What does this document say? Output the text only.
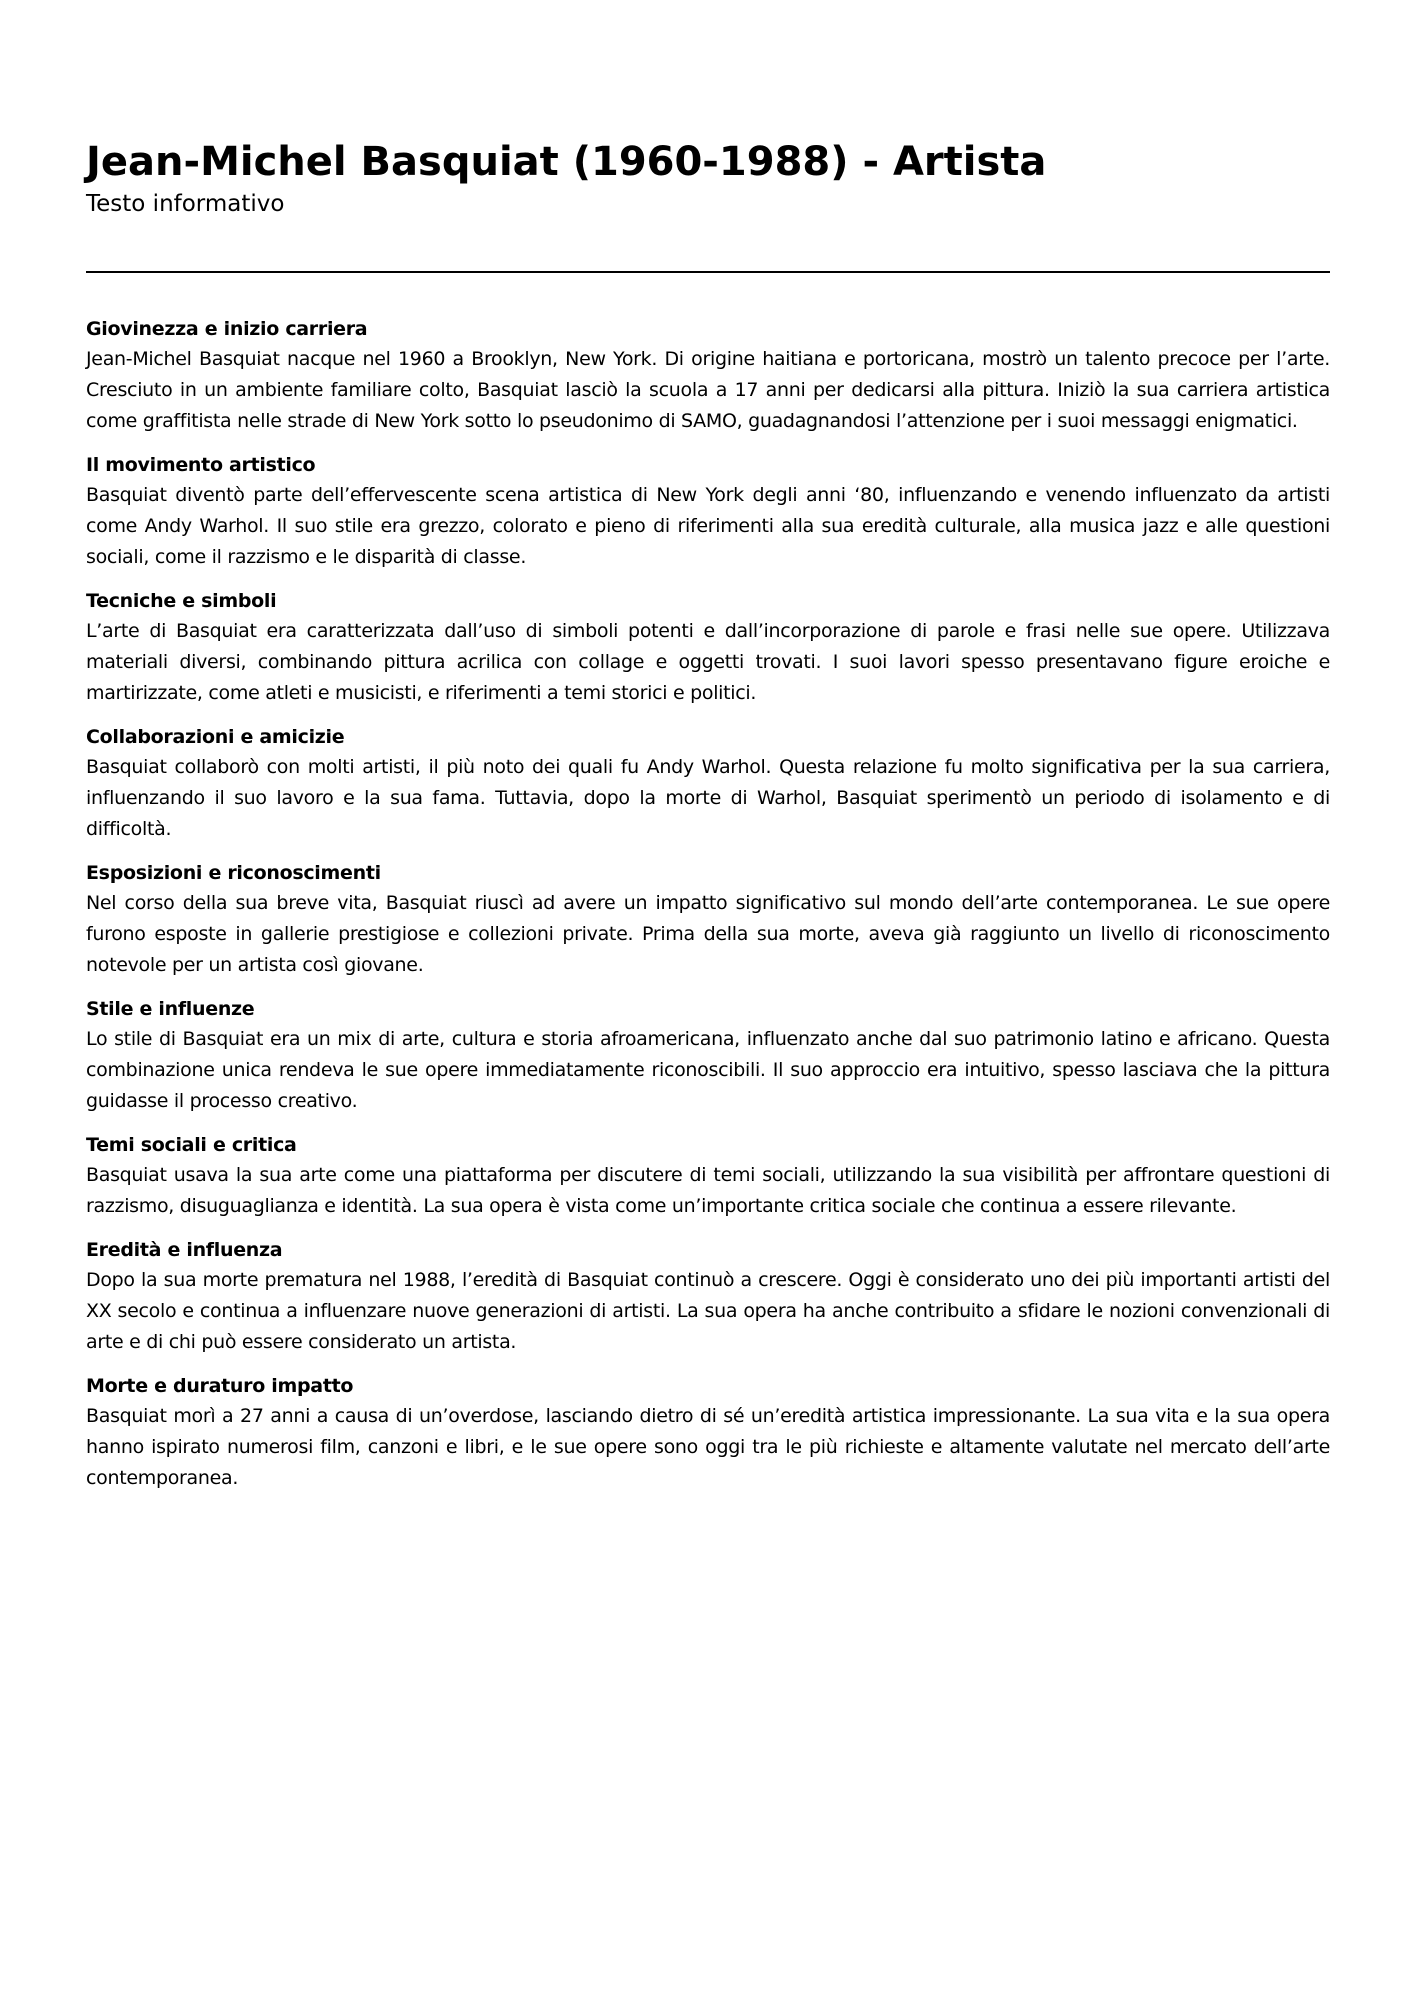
Jean-Michel Basquiat (1960-1988) - Artista
Testo informativo
Giovinezza e inizio carriera

Jean-Michel Basquiat nacque nel 1960 a Brooklyn, New York. Di origine haitiana e portoricana, mostrò un talento precoce per l’arte. Cresciuto in un ambiente familiare colto, Basquiat lasciò la scuola a 17 anni per dedicarsi alla pittura. Iniziò la sua carriera artistica come graffitista nelle strade di New York sotto lo pseudonimo di SAMO, guadagnandosi l’attenzione per i suoi messaggi enigmatici.

Il movimento artistico

Basquiat diventò parte dell’effervescente scena artistica di New York degli anni ‘80, influenzando e venendo influenzato da artisti come Andy Warhol. Il suo stile era grezzo, colorato e pieno di riferimenti alla sua eredità culturale, alla musica jazz e alle questioni sociali, come il razzismo e le disparità di classe.

Tecniche e simboli

L’arte di Basquiat era caratterizzata dall’uso di simboli potenti e dall’incorporazione di parole e frasi nelle sue opere. Utilizzava materiali diversi, combinando pittura acrilica con collage e oggetti trovati. I suoi lavori spesso presentavano figure eroiche e martirizzate, come atleti e musicisti, e riferimenti a temi storici e politici.

Collaborazioni e amicizie

Basquiat collaborò con molti artisti, il più noto dei quali fu Andy Warhol. Questa relazione fu molto significativa per la sua carriera, influenzando il suo lavoro e la sua fama. Tuttavia, dopo la morte di Warhol, Basquiat sperimentò un periodo di isolamento e di difficoltà.

Esposizioni e riconoscimenti

Nel corso della sua breve vita, Basquiat riuscì ad avere un impatto significativo sul mondo dell’arte contemporanea. Le sue opere furono esposte in gallerie prestigiose e collezioni private. Prima della sua morte, aveva già raggiunto un livello di riconoscimento notevole per un artista così giovane.

Stile e influenze

Lo stile di Basquiat era un mix di arte, cultura e storia afroamericana, influenzato anche dal suo patrimonio latino e africano. Questa combinazione unica rendeva le sue opere immediatamente riconoscibili. Il suo approccio era intuitivo, spesso lasciava che la pittura guidasse il processo creativo.

Temi sociali e critica

Basquiat usava la sua arte come una piattaforma per discutere di temi sociali, utilizzando la sua visibilità per affrontare questioni di razzismo, disuguaglianza e identità. La sua opera è vista come un’importante critica sociale che continua a essere rilevante.

Eredità e influenza

Dopo la sua morte prematura nel 1988, l’eredità di Basquiat continuò a crescere. Oggi è considerato uno dei più importanti artisti del XX secolo e continua a influenzare nuove generazioni di artisti. La sua opera ha anche contribuito a sfidare le nozioni convenzionali di arte e di chi può essere considerato un artista.

Morte e duraturo impatto

Basquiat morì a 27 anni a causa di un’overdose, lasciando dietro di sé un’eredità artistica impressionante. La sua vita e la sua opera hanno ispirato numerosi film, canzoni e libri, e le sue opere sono oggi tra le più richieste e altamente valutate nel mercato dell’arte contemporanea.
